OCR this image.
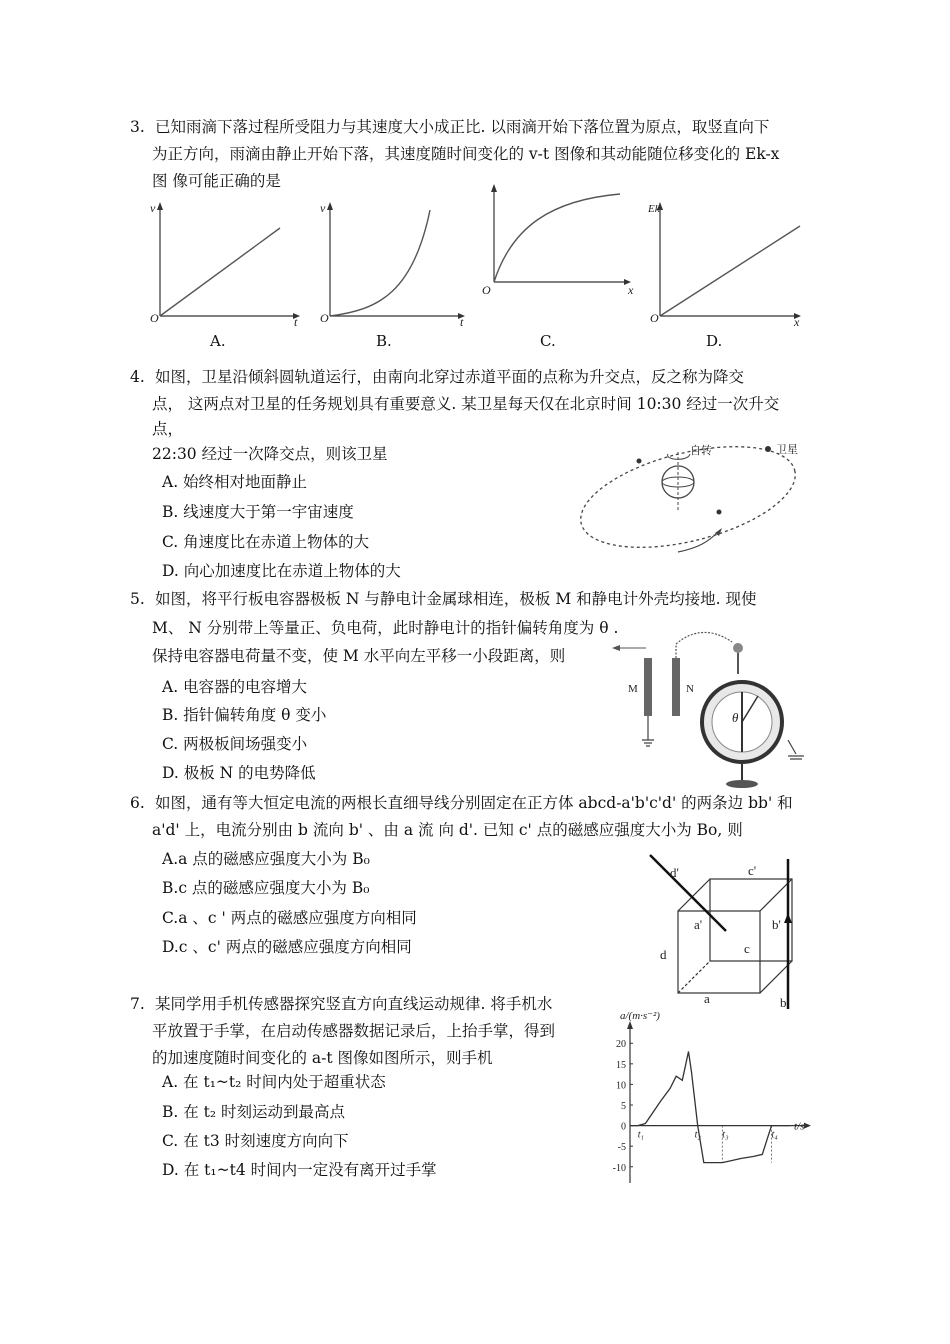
3. 已知雨滴下落过程所受阻力与其速度大小成正比. 以雨滴开始下落位置为原点，取竖直向下
为正方向，雨滴由静止开始下落，其速度随时间变化的 v-t 图像和其动能随位移变化的 Ek-x
图 像可能正确的是
v
t
O
A.
v
t
O
B.
x
O
C.
Ek
x
O
D.
4. 如图，卫星沿倾斜圆轨道运行，由南向北穿过赤道平面的点称为升交点，反之称为降交
点， 这两点对卫星的任务规划具有重要意义. 某卫星每天仅在北京时间 10:30 经过一次升交
点，
22:30 经过一次降交点，则该卫星
A. 始终相对地面静止
B. 线速度大于第一宇宙速度
C. 角速度比在赤道上物体的大
D. 向心加速度比在赤道上物体的大
自转	卫星
5. 如图，将平行板电容器极板 N 与静电计金属球相连，极板 M 和静电计外壳均接地. 现使
M、 N 分别带上等量正、负电荷，此时静电计的指针偏转角度为 θ .
保持电容器电荷量不变，使 M 水平向左平移一小段距离，则
A. 电容器的电容增大
B. 指针偏转角度 θ 变小
C. 两极板间场强变小
D. 极板 N 的电势降低
M	N
θ
6. 如图，通有等大恒定电流的两根长直细导线分别固定在正方体 abcd-a'b'c'd' 的两条边 bb' 和
a'd' 上，电流分别由 b 流向 b' 、由 a 流 向 d'. 已知 c' 点的磁感应强度大小为 Bo, 则
A.a 点的磁感应强度大小为 B₀
B.c 点的磁感应强度大小为 B₀
C.a 、c ' 两点的磁感应强度方向相同
D.c 、c' 两点的磁感应强度方向相同
d'	c'
a'	b'
c
d
a	b
7. 某同学用手机传感器探究竖直方向直线运动规律. 将手机水
平放置于手掌，在启动传感器数据记录后，上抬手掌，得到
的加速度随时间变化的 a-t 图像如图所示，则手机
A. 在 t₁~t₂ 时间内处于超重状态
B. 在 t₂ 时刻运动到最高点
C. 在 t3 时刻速度方向向下
D. 在 t₁~t4 时间内一定没有离开过手掌
a/(m·s⁻²)
t/s
20
15
10
5
0
-5
-10
t₁	t₂ t₃	t₄
